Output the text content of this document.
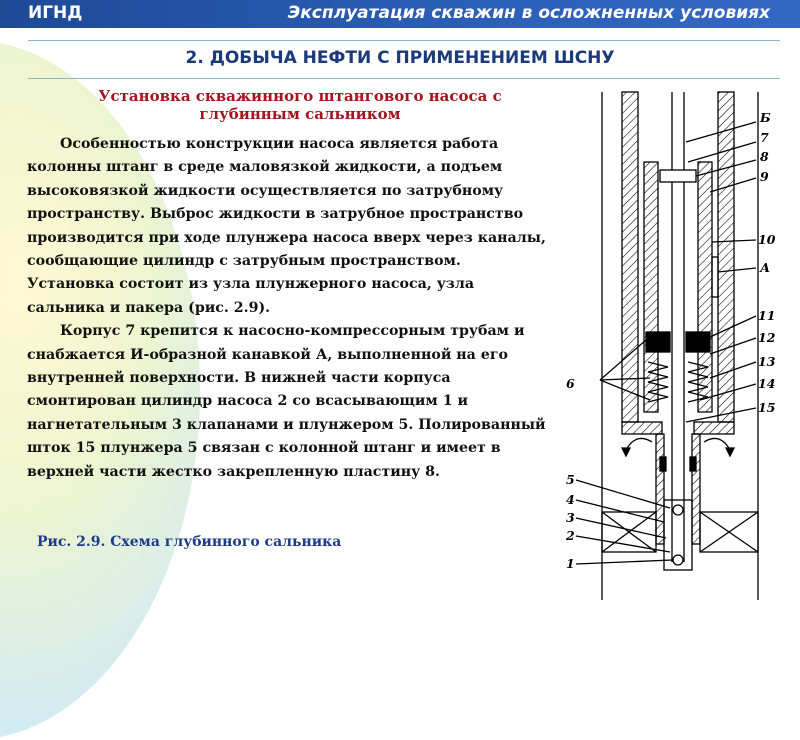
ИГНД	Эксплуатация скважин в осложненных условиях
2. ДОБЫЧА НЕФТИ С ПРИМЕНЕНИЕМ ШСНУ
Установка скважинного штангового насоса с
глубинным сальником

Особенностью конструкции насоса является работа колонны штанг в среде маловязкой жидкости, а подъем высоковязкой жидкости осуществляется по затрубному пространству. Выброс жидкости в затрубное пространство производится при ходе плунжера насоса вверх через каналы, сообщающие цилиндр с затрубным пространством. Установка состоит из узла плунжерного насоса, узла сальника и пакера (рис. 2.9).

Корпус 7 крепится к насосно-компрессорным трубам и снабжается И-образной канавкой А, выполненной на его внутренней поверхности. В нижней части корпуса смонтирован цилиндр насоса 2 со всасывающим 1 и нагнетательным 3 клапанами и плунжером 5. Полированный шток 15 плунжера 5 связан с колонной штанг и имеет в верхней части жестко закрепленную пластину 8.

Рис. 2.9. Схема глубинного сальника
Б
7
8
9
10
А
11
12
13
14
15
6
5
4
3
2
1
